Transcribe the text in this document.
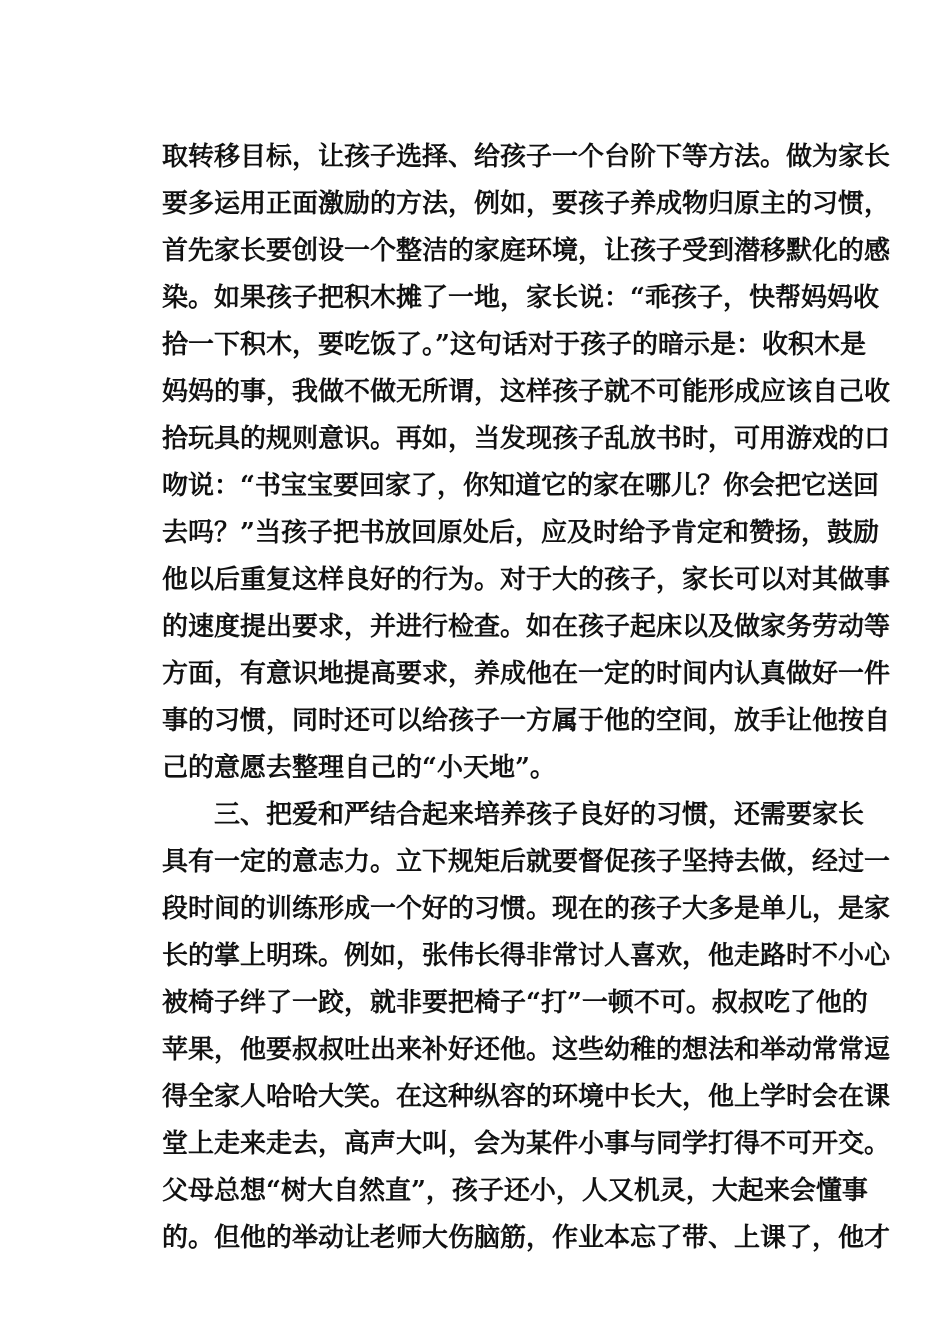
取转移目标，让孩子选择、给孩子一个台阶下等方法。做为家长
要多运用正面激励的方法，例如，要孩子养成物归原主的习惯，
首先家长要创设一个整洁的家庭环境，让孩子受到潜移默化的感
染。如果孩子把积木摊了一地，家长说：“乖孩子，快帮妈妈收
拾一下积木，要吃饭了。”这句话对于孩子的暗示是：收积木是
妈妈的事，我做不做无所谓，这样孩子就不可能形成应该自己收
拾玩具的规则意识。再如，当发现孩子乱放书时，可用游戏的口
吻说：“书宝宝要回家了，你知道它的家在哪儿？你会把它送回
去吗？”当孩子把书放回原处后，应及时给予肯定和赞扬，鼓励
他以后重复这样良好的行为。对于大的孩子，家长可以对其做事
的速度提出要求，并进行检查。如在孩子起床以及做家务劳动等
方面，有意识地提高要求，养成他在一定的时间内认真做好一件
事的习惯，同时还可以给孩子一方属于他的空间，放手让他按自
己的意愿去整理自己的“小天地”。
三、把爱和严结合起来培养孩子良好的习惯，还需要家长
具有一定的意志力。立下规矩后就要督促孩子坚持去做，经过一
段时间的训练形成一个好的习惯。现在的孩子大多是单儿，是家
长的掌上明珠。例如，张伟长得非常讨人喜欢，他走路时不小心
被椅子绊了一跤，就非要把椅子“打”一顿不可。叔叔吃了他的
苹果，他要叔叔吐出来补好还他。这些幼稚的想法和举动常常逗
得全家人哈哈大笑。在这种纵容的环境中长大，他上学时会在课
堂上走来走去，高声大叫，会为某件小事与同学打得不可开交。
父母总想“树大自然直”，孩子还小，人又机灵，大起来会懂事
的。但他的举动让老师大伤脑筋，作业本忘了带、上课了，他才
